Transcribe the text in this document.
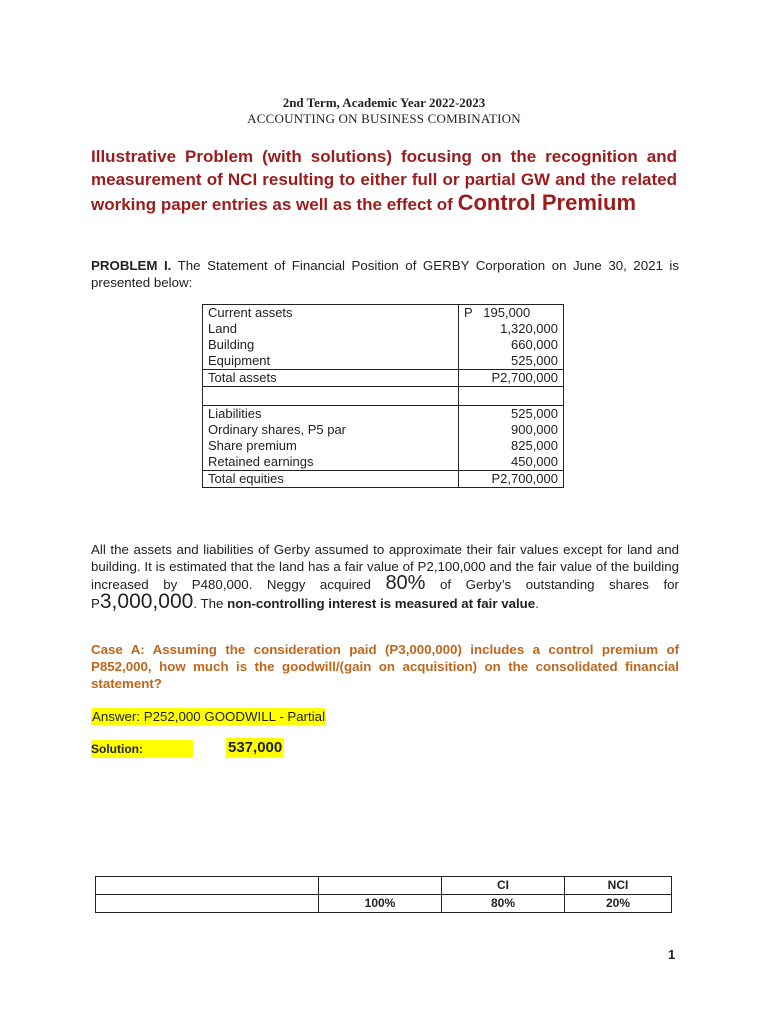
2nd Term, Academic Year 2022-2023
ACCOUNTING ON BUSINESS COMBINATION
Illustrative Problem (with solutions) focusing on the recognition and measurement of NCI resulting to either full or partial GW and the related working paper entries as well as the effect of Control Premium
PROBLEM I. The Statement of Financial Position of GERBY Corporation on June 30, 2021 is presented below:
Current assets	P   195,000
Land	1,320,000
Building	660,000
Equipment	525,000
Total assets	P2,700,000

Liabilities	525,000
Ordinary shares, P5 par	900,000
Share premium	825,000
Retained earnings	450,000
Total equities	P2,700,000
All the assets and liabilities of Gerby assumed to approximate their fair values except for land and building. It is estimated that the land has a fair value of P2,100,000 and the fair value of the building increased by P480,000. Neggy acquired 80% of Gerby’s outstanding shares for P3,000,000. The non-controlling interest is measured at fair value.
Case A: Assuming the consideration paid (P3,000,000) includes a control premium of P852,000, how much is the goodwill/(gain on acquisition) on the consolidated financial statement?
Answer: P252,000 GOODWILL - Partial
Solution:	537,000
		CI	NCI
	100%	80%	20%
1
